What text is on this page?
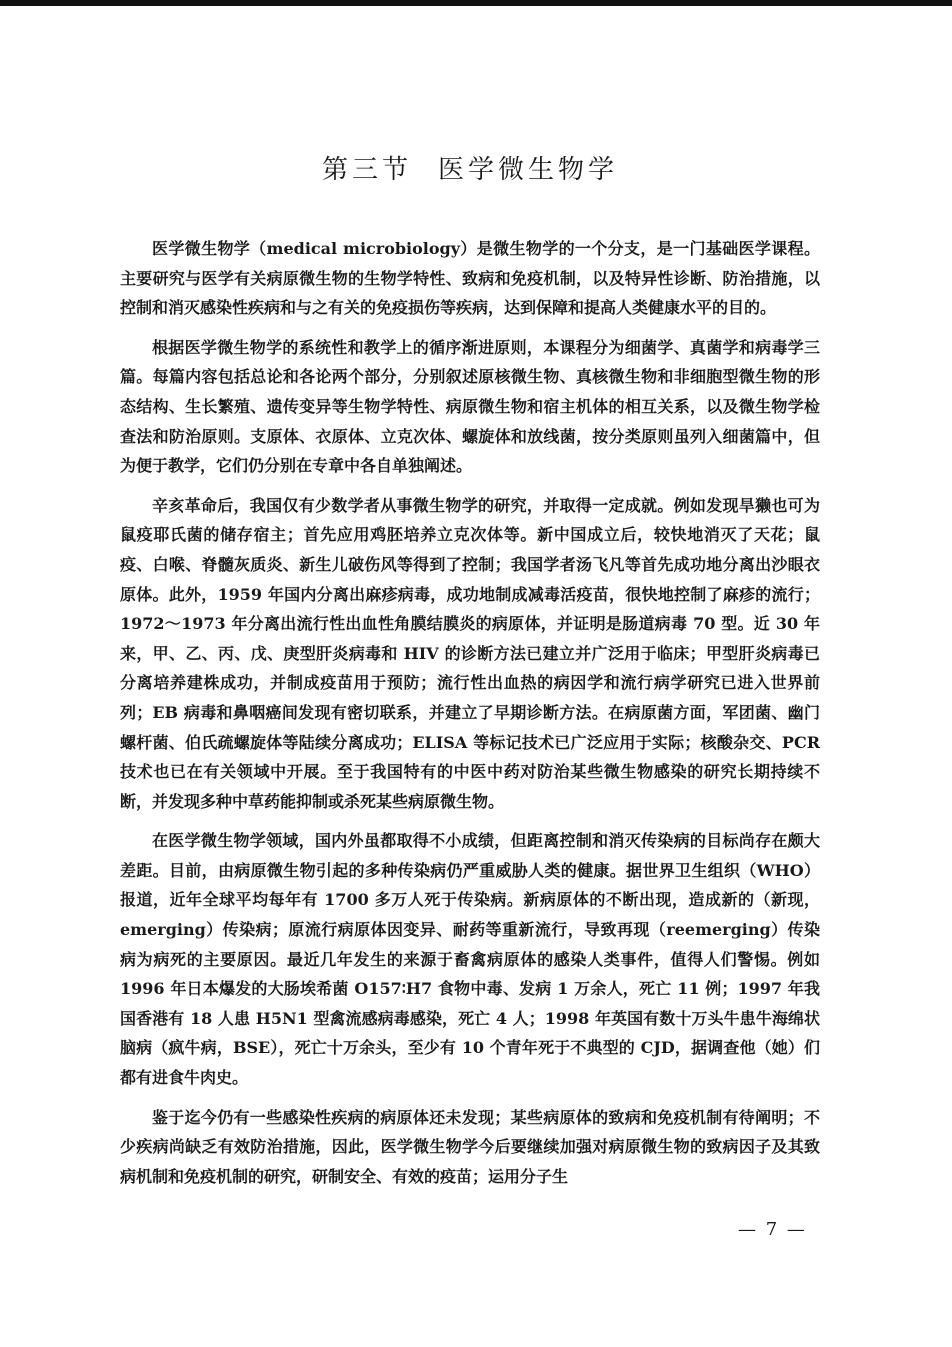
第三节 医学微生物学

医学微生物学（medical microbiology）是微生物学的一个分支，是一门基础医学课程。主要研究与医学有关病原微生物的生物学特性、致病和免疫机制，以及特异性诊断、防治措施，以控制和消灭感染性疾病和与之有关的免疫损伤等疾病，达到保障和提高人类健康水平的目的。

根据医学微生物学的系统性和教学上的循序渐进原则，本课程分为细菌学、真菌学和病毒学三篇。每篇内容包括总论和各论两个部分，分别叙述原核微生物、真核微生物和非细胞型微生物的形态结构、生长繁殖、遗传变异等生物学特性、病原微生物和宿主机体的相互关系，以及微生物学检查法和防治原则。支原体、衣原体、立克次体、螺旋体和放线菌，按分类原则虽列入细菌篇中，但为便于教学，它们仍分别在专章中各自单独阐述。

辛亥革命后，我国仅有少数学者从事微生物学的研究，并取得一定成就。例如发现旱獭也可为鼠疫耶氏菌的储存宿主；首先应用鸡胚培养立克次体等。新中国成立后，较快地消灭了天花；鼠疫、白喉、脊髓灰质炎、新生儿破伤风等得到了控制；我国学者汤飞凡等首先成功地分离出沙眼衣原体。此外，1959 年国内分离出麻疹病毒，成功地制成减毒活疫苗，很快地控制了麻疹的流行；1972～1973 年分离出流行性出血性角膜结膜炎的病原体，并证明是肠道病毒 70 型。近 30 年来，甲、乙、丙、戊、庚型肝炎病毒和 HIV 的诊断方法已建立并广泛用于临床；甲型肝炎病毒已分离培养建株成功，并制成疫苗用于预防；流行性出血热的病因学和流行病学研究已进入世界前列；EB 病毒和鼻咽癌间发现有密切联系，并建立了早期诊断方法。在病原菌方面，军团菌、幽门螺杆菌、伯氏疏螺旋体等陆续分离成功；ELISA 等标记技术已广泛应用于实际；核酸杂交、PCR 技术也已在有关领域中开展。至于我国特有的中医中药对防治某些微生物感染的研究长期持续不断，并发现多种中草药能抑制或杀死某些病原微生物。

在医学微生物学领域，国内外虽都取得不小成绩，但距离控制和消灭传染病的目标尚存在颇大差距。目前，由病原微生物引起的多种传染病仍严重威胁人类的健康。据世界卫生组织（WHO）报道，近年全球平均每年有 1700 多万人死于传染病。新病原体的不断出现，造成新的（新现，emerging）传染病；原流行病原体因变异、耐药等重新流行，导致再现（reemerging）传染病为病死的主要原因。最近几年发生的来源于畜禽病原体的感染人类事件，值得人们警惕。例如 1996 年日本爆发的大肠埃希菌 O157∶H7 食物中毒、发病 1 万余人，死亡 11 例；1997 年我国香港有 18 人患 H5N1 型禽流感病毒感染，死亡 4 人；1998 年英国有数十万头牛患牛海绵状脑病（疯牛病，BSE），死亡十万余头，至少有 10 个青年死于不典型的 CJD，据调查他（她）们都有进食牛肉史。

鉴于迄今仍有一些感染性疾病的病原体还未发现；某些病原体的致病和免疫机制有待阐明；不少疾病尚缺乏有效防治措施，因此，医学微生物学今后要继续加强对病原微生物的致病因子及其致病机制和免疫机制的研究，研制安全、有效的疫苗；运用分子生

— 7 —
